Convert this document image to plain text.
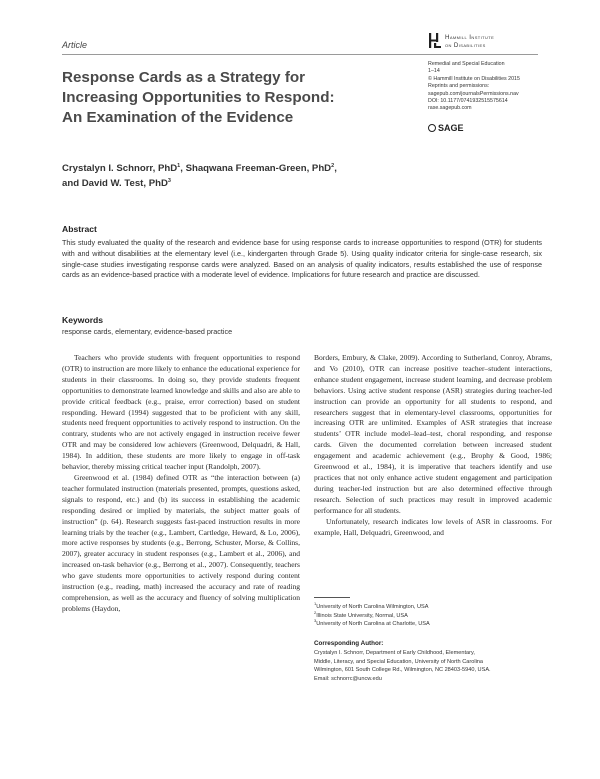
Article
Hammill Institute
on Disabilities
Remedial and Special Education
1–14
© Hammill Institute on Disabilities 2015
Reprints and permissions:
sagepub.com/journalsPermissions.nav
DOI: 10.1177/0741932515575614
rase.sagepub.com
SAGE
Response Cards as a Strategy for
Increasing Opportunities to Respond:
An Examination of the Evidence
Crystalyn I. Schnorr, PhD$^1$, Shaqwana Freeman-Green, PhD$^2$,
and David W. Test, PhD$^3$
Abstract
This study evaluated the quality of the research and evidence base for using response cards to increase opportunities to respond (OTR) for students with and without disabilities at the elementary level (i.e., kindergarten through Grade 5). Using quality indicator criteria for single-case research, six single-case studies investigating response cards were analyzed. Based on an analysis of quality indicators, results established the use of response cards as an evidence-based practice with a moderate level of evidence. Implications for future research and practice are discussed.
Keywords
response cards, elementary, evidence-based practice

Teachers who provide students with frequent opportunities to respond (OTR) to instruction are more likely to enhance the educational experience for students in their classrooms. In doing so, they provide students frequent opportunities to demonstrate learned knowledge and skills and also are able to provide critical feedback (e.g., praise, error correction) based on student responding. Heward (1994) suggested that to be proficient with any skill, students need frequent opportunities to actively respond to instruction. On the contrary, students who are not actively engaged in instruction receive fewer OTR and may be considered low achievers (Greenwood, Delquadri, & Hall, 1984). In addition, these students are more likely to engage in off-task behavior, thereby missing critical teacher input (Randolph, 2007).

Greenwood et al. (1984) defined OTR as “the interaction between (a) teacher formulated instruction (materials presented, prompts, questions asked, signals to respond, etc.) and (b) its success in establishing the academic responding desired or implied by materials, the subject matter goals of instruction” (p. 64). Research suggests fast-paced instruction results in more learning trials by the teacher (e.g., Lambert, Cartledge, Heward, & Lo, 2006), more active responses by students (e.g., Berrong, Schuster, Morse, & Collins, 2007), greater accuracy in student responses (e.g., Lambert et al., 2006), and increased on-task behavior (e.g., Berrong et al., 2007). Consequently, teachers who gave students more opportunities to actively respond during content instruction (e.g., reading, math) increased the accuracy and rate of reading comprehension, as well as the accuracy and fluency of solving multiplication problems (Haydon,

Borders, Embury, & Clake, 2009). According to Sutherland, Conroy, Abrams, and Vo (2010), OTR can increase positive teacher–student interactions, enhance student engagement, increase student learning, and decrease problem behaviors. Using active student response (ASR) strategies during teacher-led instruction can provide an opportunity for all students to respond, and researchers suggest that in elementary-level classrooms, opportunities for increasing OTR are unlimited. Examples of ASR strategies that increase students’ OTR include model–lead–test, choral responding, and response cards. Given the documented correlation between increased student engagement and academic achievement (e.g., Brophy & Good, 1986; Greenwood et al., 1984), it is imperative that teachers identify and use practices that not only enhance active student engagement and participation during teacher-led instruction but are also determined effective through research. Selection of such practices may result in improved academic performance for all students.

Unfortunately, research indicates low levels of ASR in classrooms. For example, Hall, Delquadri, Greenwood, and

$^1$University of North Carolina Wilmington, USA
$^2$Illinois State University, Normal, USA
$^3$University of North Carolina at Charlotte, USA
Corresponding Author:
Crystalyn I. Schnorr, Department of Early Childhood, Elementary,
Middle, Literacy, and Special Education, University of North Carolina
Wilmington, 601 South College Rd., Wilmington, NC 28403-5940, USA.
Email: schnorrc@uncw.edu
